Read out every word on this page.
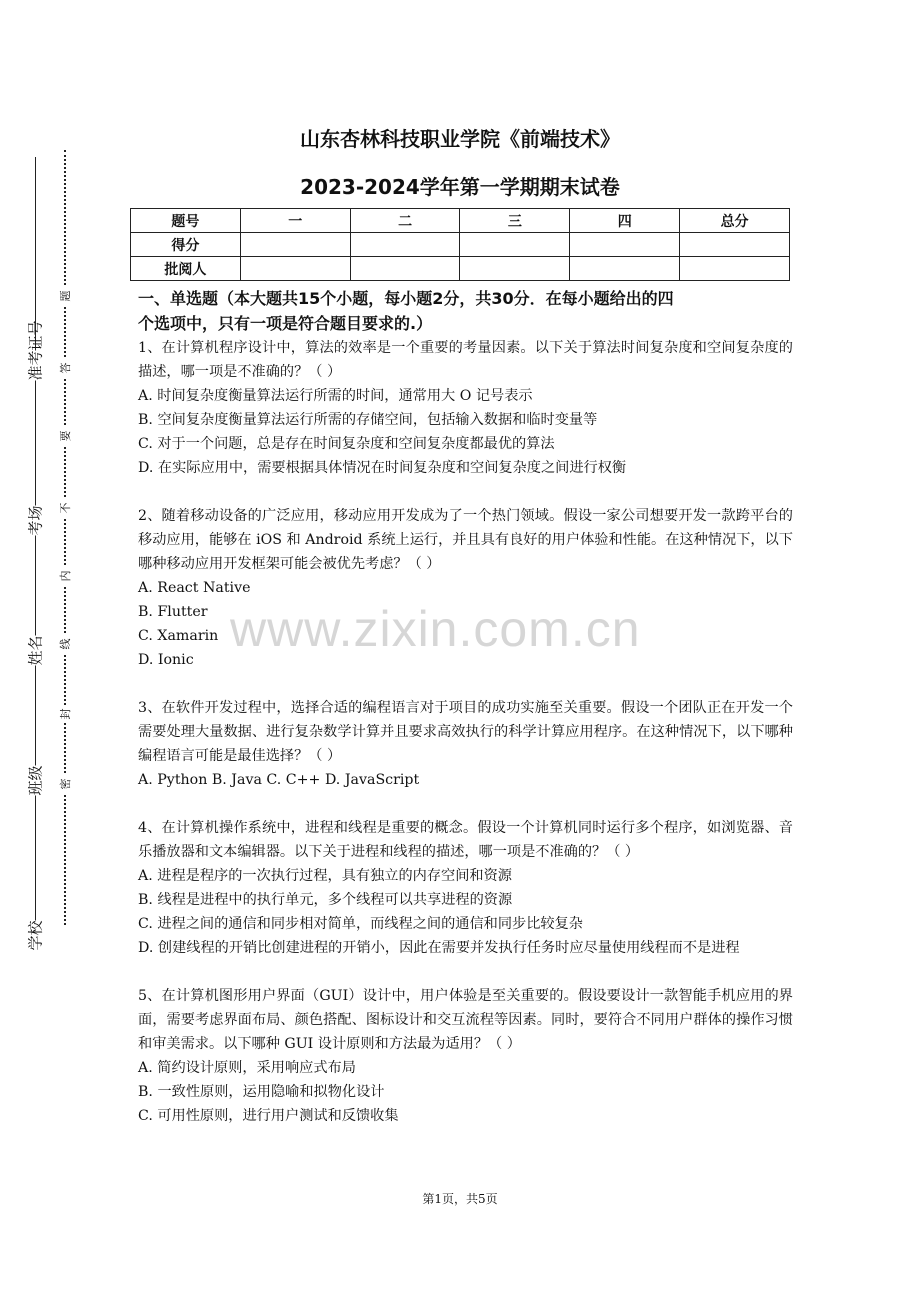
准考证号
考场
姓名
班级
学校
题
答
要
不
内
线
封
密
山东杏林科技职业学院《前端技术》
2023-2024学年第一学期期末试卷
题号	一	二	三	四	总分
得分					
批阅人					
www.zixin.com.cn
一、单选题（本大题共15个小题，每小题2分，共30分．在每小题给出的四
个选项中，只有一项是符合题目要求的.）
1、在计算机程序设计中，算法的效率是一个重要的考量因素。以下关于算法时间复杂度和空间复杂度的描述，哪一项是不准确的？（ ）
A. 时间复杂度衡量算法运行所需的时间，通常用大 O 记号表示
B. 空间复杂度衡量算法运行所需的存储空间，包括输入数据和临时变量等
C. 对于一个问题，总是存在时间复杂度和空间复杂度都最优的算法
D. 在实际应用中，需要根据具体情况在时间复杂度和空间复杂度之间进行权衡
2、随着移动设备的广泛应用，移动应用开发成为了一个热门领域。假设一家公司想要开发一款跨平台的移动应用，能够在 iOS 和 Android 系统上运行，并且具有良好的用户体验和性能。在这种情况下，以下哪种移动应用开发框架可能会被优先考虑？（ ）
A. React Native
B. Flutter
C. Xamarin
D. Ionic
3、在软件开发过程中，选择合适的编程语言对于项目的成功实施至关重要。假设一个团队正在开发一个需要处理大量数据、进行复杂数学计算并且要求高效执行的科学计算应用程序。在这种情况下，以下哪种编程语言可能是最佳选择？（ ）
A. Python B. Java C. C++ D. JavaScript
4、在计算机操作系统中，进程和线程是重要的概念。假设一个计算机同时运行多个程序，如浏览器、音乐播放器和文本编辑器。以下关于进程和线程的描述，哪一项是不准确的？（ ）
A. 进程是程序的一次执行过程，具有独立的内存空间和资源
B. 线程是进程中的执行单元，多个线程可以共享进程的资源
C. 进程之间的通信和同步相对简单，而线程之间的通信和同步比较复杂
D. 创建线程的开销比创建进程的开销小，因此在需要并发执行任务时应尽量使用线程而不是进程
5、在计算机图形用户界面（GUI）设计中，用户体验是至关重要的。假设要设计一款智能手机应用的界面，需要考虑界面布局、颜色搭配、图标设计和交互流程等因素。同时，要符合不同用户群体的操作习惯和审美需求。以下哪种 GUI 设计原则和方法最为适用？（ ）
A. 简约设计原则，采用响应式布局
B. 一致性原则，运用隐喻和拟物化设计
C. 可用性原则，进行用户测试和反馈收集
第1页，共5页
